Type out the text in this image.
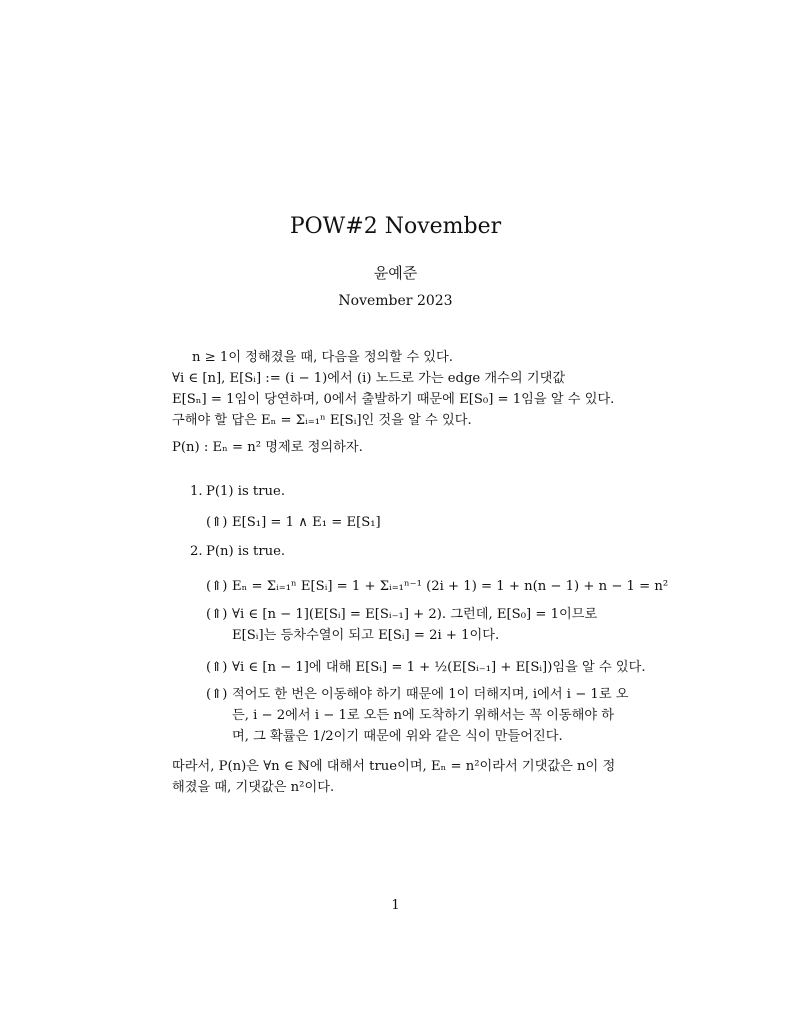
POW#2 November
윤예준
November 2023
n ≥ 1이 정해졌을 때, 다음을 정의할 수 있다.
∀i ∈ [n], E[Sᵢ] := (i − 1)에서 (i) 노드로 가는 edge 개수의 기댓값
E[Sₙ] = 1임이 당연하며, 0에서 출발하기 때문에 E[S₀] = 1임을 알 수 있다.
구해야 할 답은 Eₙ = Σᵢ₌₁ⁿ E[Sᵢ]인 것을 알 수 있다.
P(n) : Eₙ = n² 명제로 정의하자.
1. P(1) is true.
(⇑) E[S₁] = 1 ∧ E₁ = E[S₁]
2. P(n) is true.
(⇑) Eₙ = Σᵢ₌₁ⁿ E[Sᵢ] = 1 + Σᵢ₌₁ⁿ⁻¹ (2i + 1) = 1 + n(n − 1) + n − 1 = n²
(⇑) ∀i ∈ [n − 1](E[Sᵢ] = E[Sᵢ₋₁] + 2). 그런데, E[S₀] = 1이므로 E[Sᵢ]는 등차수열이 되고 E[Sᵢ] = 2i + 1이다.
(⇑) ∀i ∈ [n − 1]에 대해 E[Sᵢ] = 1 + ½(E[Sᵢ₋₁] + E[Sᵢ])임을 알 수 있다.
(⇑) 적어도 한 번은 이동해야 하기 때문에 1이 더해지며, i에서 i − 1로 오든, i − 2에서 i − 1로 오든 n에 도착하기 위해서는 꼭 이동해야 하며, 그 확률은 1/2이기 때문에 위와 같은 식이 만들어진다.
따라서, P(n)은 ∀n ∈ ℕ에 대해서 true이며, Eₙ = n²이라서 기댓값은 n이 정해졌을 때, 기댓값은 n²이다.
1
